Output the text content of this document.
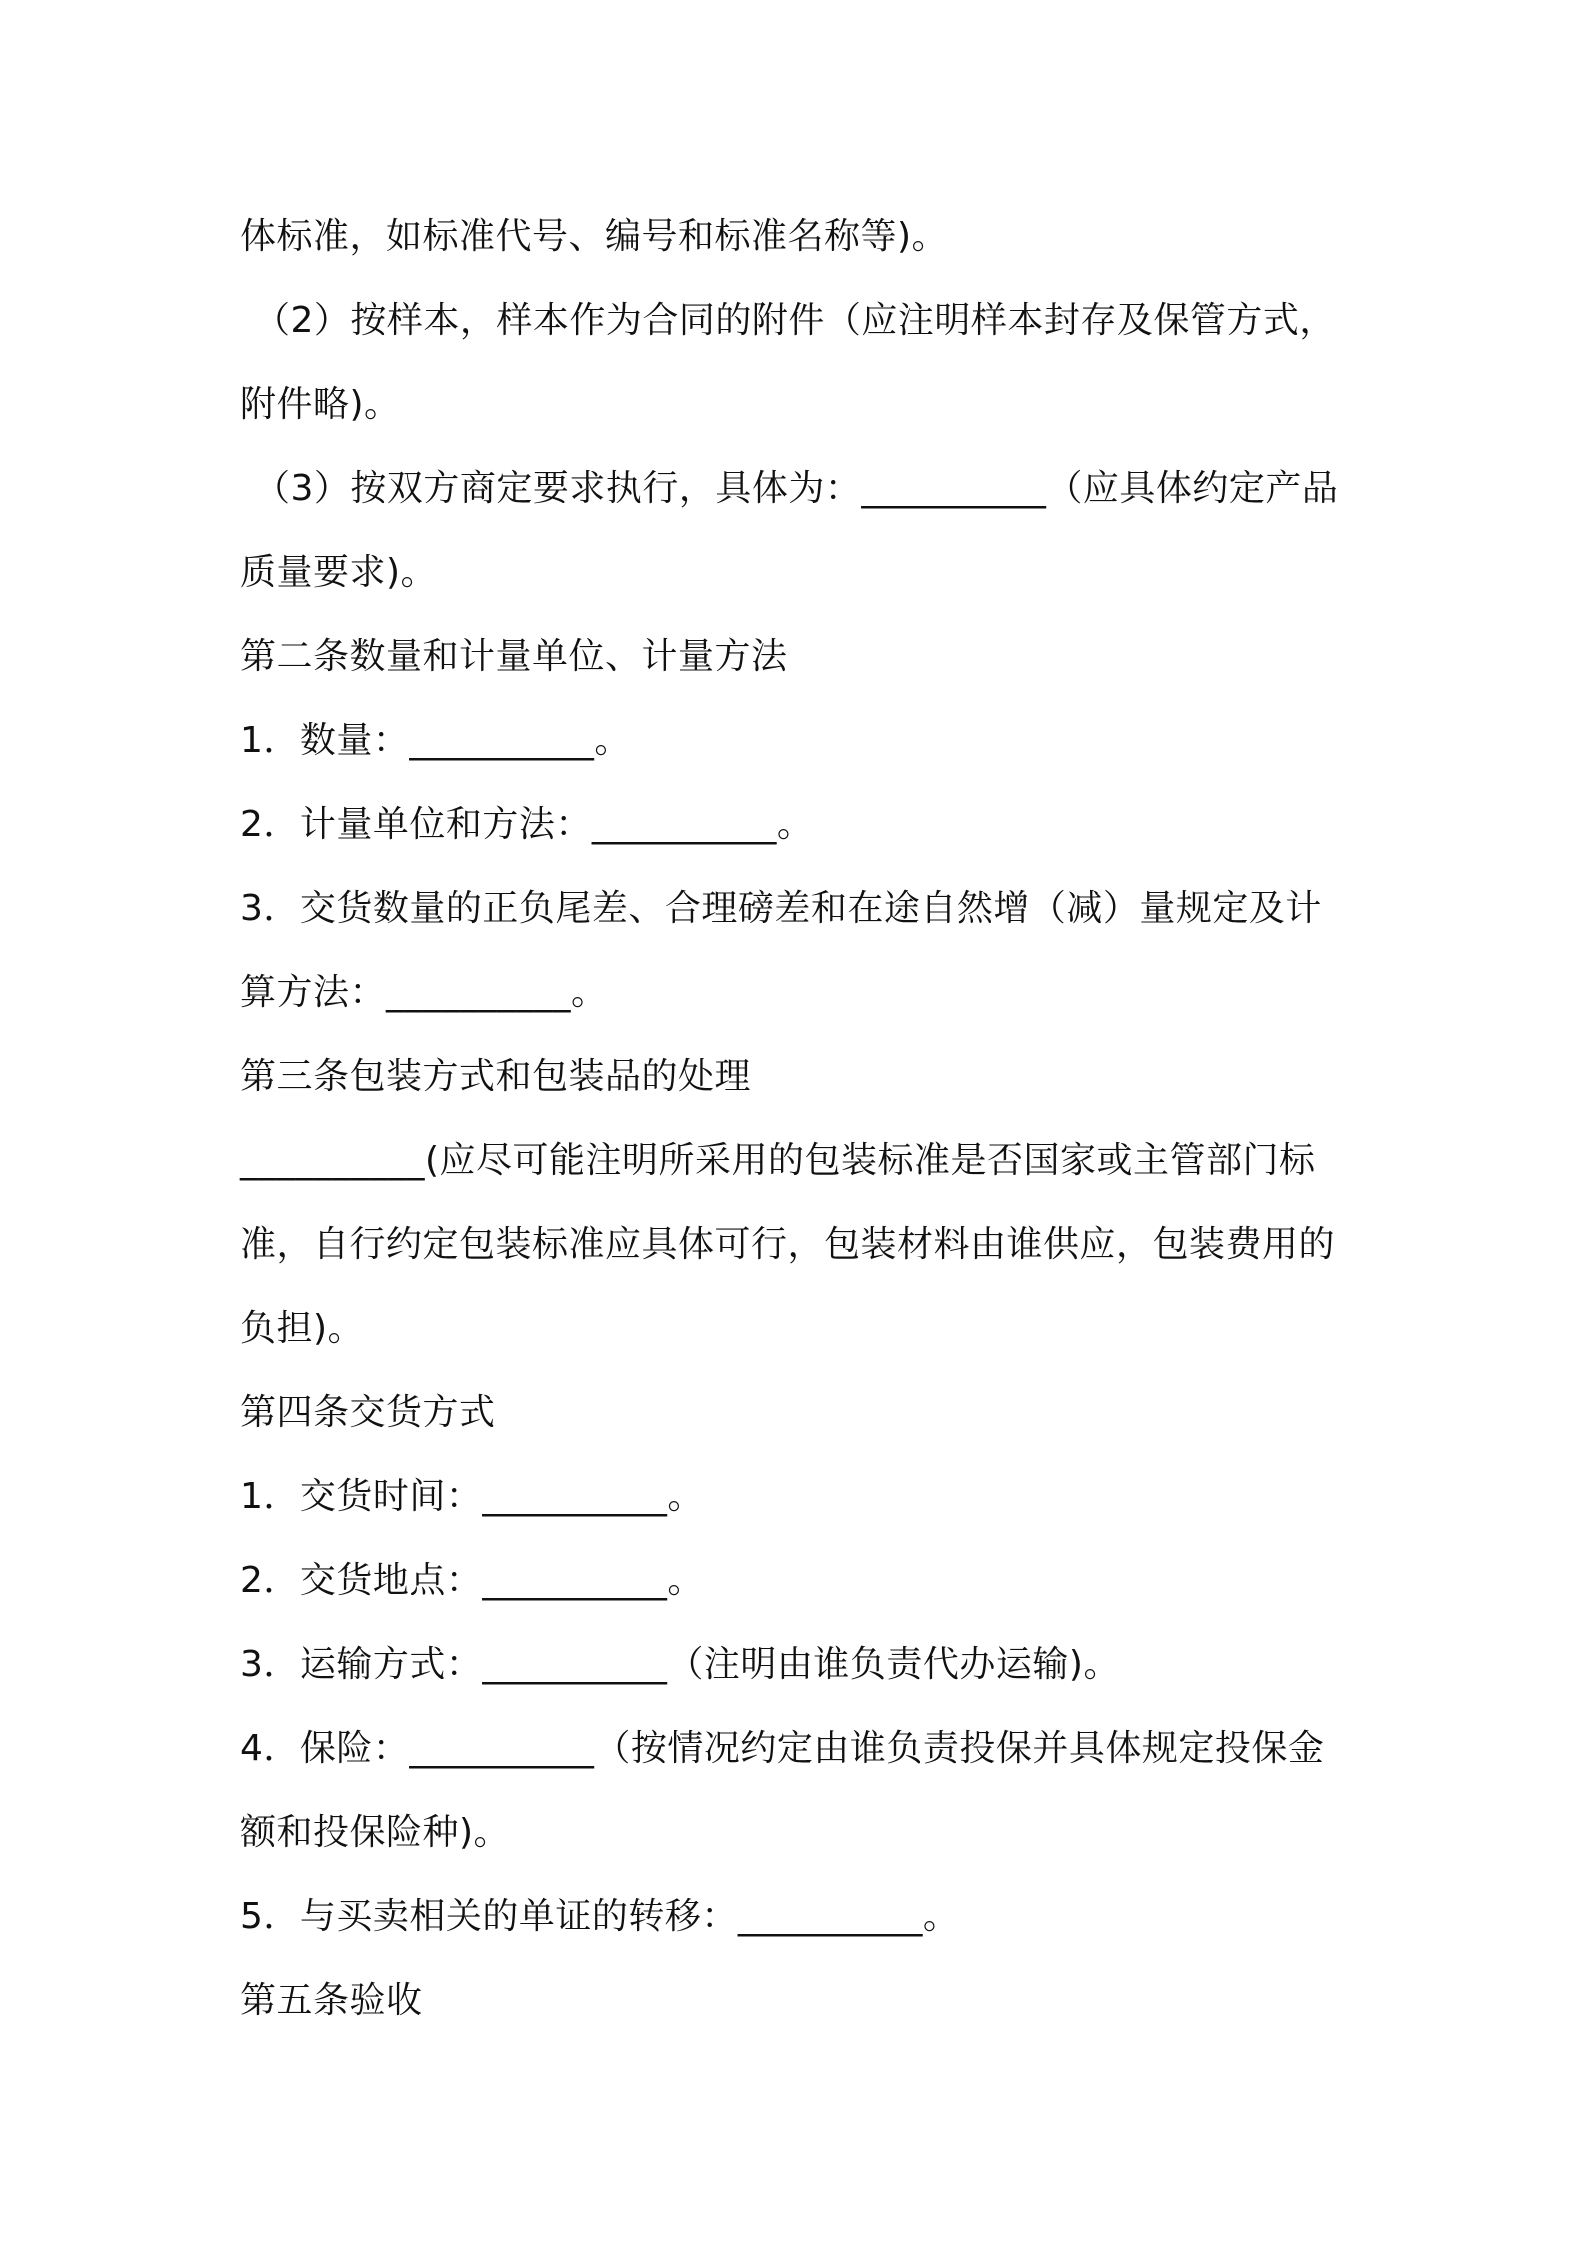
体标准，如标准代号、编号和标准名称等)。
（2）按样本，样本作为合同的附件（应注明样本封存及保管方式，
附件略)。
（3）按双方商定要求执行，具体为：__________（应具体约定产品
质量要求)。
第二条数量和计量单位、计量方法
1．数量：__________。
2．计量单位和方法：__________。
3．交货数量的正负尾差、合理磅差和在途自然增（减）量规定及计
算方法：__________。
第三条包装方式和包装品的处理
__________(应尽可能注明所采用的包装标准是否国家或主管部门标
准，自行约定包装标准应具体可行，包装材料由谁供应，包装费用的
负担)。
第四条交货方式
1．交货时间：__________。
2．交货地点：__________。
3．运输方式：__________（注明由谁负责代办运输)。
4．保险：__________（按情况约定由谁负责投保并具体规定投保金
额和投保险种)。
5．与买卖相关的单证的转移：__________。
第五条验收
